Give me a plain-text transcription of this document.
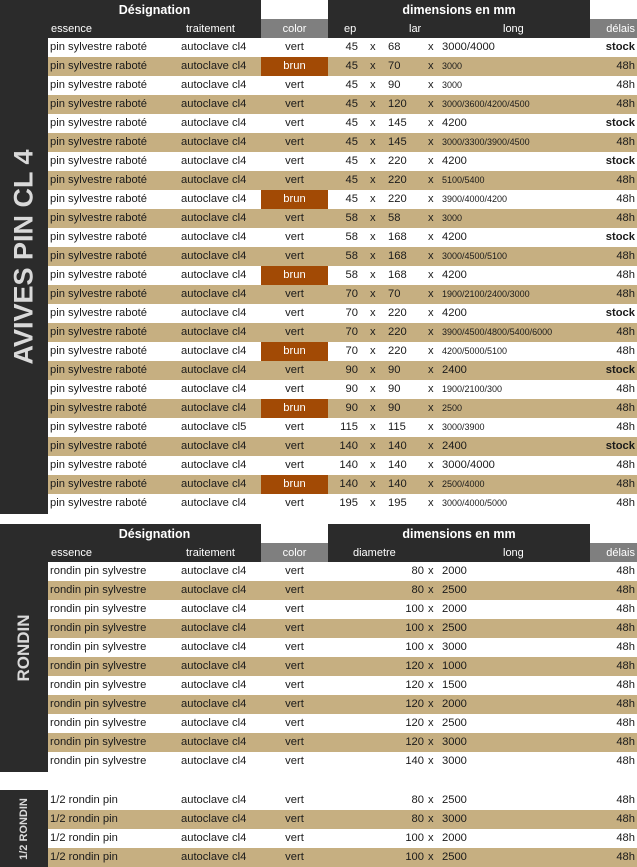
AVIVES PIN CL 4
Désignation	dimensions en mm
essence	traitement	color	ep	lar	long	délais
pin sylvestre raboté	autoclave cl4	vert	45 x 68 x 3000/4000	stock
pin sylvestre raboté	autoclave cl4	brun	45 x 70 x 3000	48h
pin sylvestre raboté	autoclave cl4	vert	45 x 90 x 3000	48h
pin sylvestre raboté	autoclave cl4	vert	45 x 120 x 3000/3600/4200/4500	48h
pin sylvestre raboté	autoclave cl4	vert	45 x 145 x 4200	stock
pin sylvestre raboté	autoclave cl4	vert	45 x 145 x 3000/3300/3900/4500	48h
pin sylvestre raboté	autoclave cl4	vert	45 x 220 x 4200	stock
pin sylvestre raboté	autoclave cl4	vert	45 x 220 x 5100/5400	48h
pin sylvestre raboté	autoclave cl4	brun	45 x 220 x 3900/4000/4200	48h
pin sylvestre raboté	autoclave cl4	vert	58 x 58 x 3000	48h
pin sylvestre raboté	autoclave cl4	vert	58 x 168 x 4200	stock
pin sylvestre raboté	autoclave cl4	vert	58 x 168 x 3000/4500/5100	48h
pin sylvestre raboté	autoclave cl4	brun	58 x 168 x 4200	48h
pin sylvestre raboté	autoclave cl4	vert	70 x 70 x 1900/2100/2400/3000	48h
pin sylvestre raboté	autoclave cl4	vert	70 x 220 x 4200	stock
pin sylvestre raboté	autoclave cl4	vert	70 x 220 x 3900/4500/4800/5400/6000	48h
pin sylvestre raboté	autoclave cl4	brun	70 x 220 x 4200/5000/5100	48h
pin sylvestre raboté	autoclave cl4	vert	90 x 90 x 2400	stock
pin sylvestre raboté	autoclave cl4	vert	90 x 90 x 1900/2100/300	48h
pin sylvestre raboté	autoclave cl4	brun	90 x 90 x 2500	48h
pin sylvestre raboté	autoclave cl5	vert	115 x 115 x 3000/3900	48h
pin sylvestre raboté	autoclave cl4	vert	140 x 140 x 2400	stock
pin sylvestre raboté	autoclave cl4	vert	140 x 140 x 3000/4000	48h
pin sylvestre raboté	autoclave cl4	brun	140 x 140 x 2500/4000	48h
pin sylvestre raboté	autoclave cl4	vert	195 x 195 x 3000/4000/5000	48h
RONDIN
Désignation	dimensions en mm
essence	traitement	color	diametre	long	délais
rondin pin sylvestre	autoclave cl4	vert	80 x 2000	48h
rondin pin sylvestre	autoclave cl4	vert	80 x 2500	48h
rondin pin sylvestre	autoclave cl4	vert	100 x 2000	48h
rondin pin sylvestre	autoclave cl4	vert	100 x 2500	48h
rondin pin sylvestre	autoclave cl4	vert	100 x 3000	48h
rondin pin sylvestre	autoclave cl4	vert	120 x 1000	48h
rondin pin sylvestre	autoclave cl4	vert	120 x 1500	48h
rondin pin sylvestre	autoclave cl4	vert	120 x 2000	48h
rondin pin sylvestre	autoclave cl4	vert	120 x 2500	48h
rondin pin sylvestre	autoclave cl4	vert	120 x 3000	48h
rondin pin sylvestre	autoclave cl4	vert	140 x 3000	48h
1/2 RONDIN 1/2 rondin pin	autoclave cl4	vert	80 x 2500	48h
1/2 rondin pin	autoclave cl4	vert	80 x 3000	48h
1/2 rondin pin	autoclave cl4	vert	100 x 2000	48h
1/2 rondin pin	autoclave cl4	vert	100 x 2500	48h
